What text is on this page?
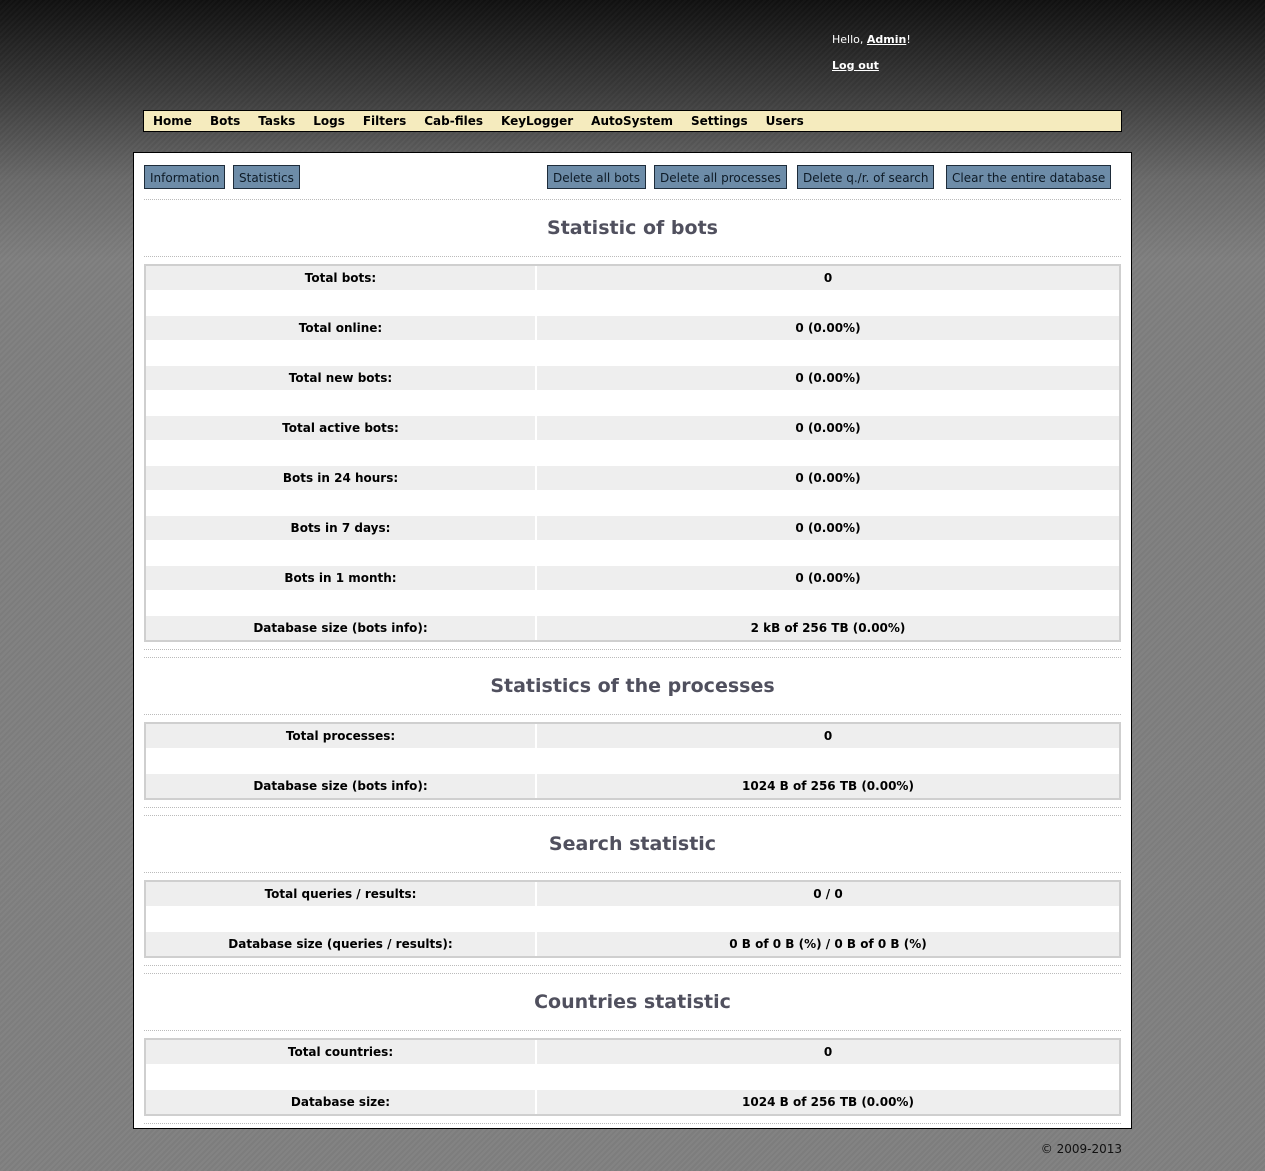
Hello, Admin!
Log out
Home Bots Tasks Logs Filters Cab-files KeyLogger AutoSystem Settings Users
Information	Statistics	Delete all bots	Delete all processes	Delete q./r. of search	Clear the entire database
Statistic of bots
Total bots:	0
Total online:	0 (0.00%)
Total new bots:	0 (0.00%)
Total active bots:	0 (0.00%)
Bots in 24 hours:	0 (0.00%)
Bots in 7 days:	0 (0.00%)
Bots in 1 month:	0 (0.00%)
Database size (bots info):	2 kB of 256 TB (0.00%)
Statistics of the processes
Total processes:	0
Database size (bots info):	1024 B of 256 TB (0.00%)
Search statistic
Total queries / results:	0 / 0
Database size (queries / results):	0 B of 0 B (%) / 0 B of 0 B (%)
Countries statistic
Total countries:	0
Database size:	1024 B of 256 TB (0.00%)
© 2009-2013
